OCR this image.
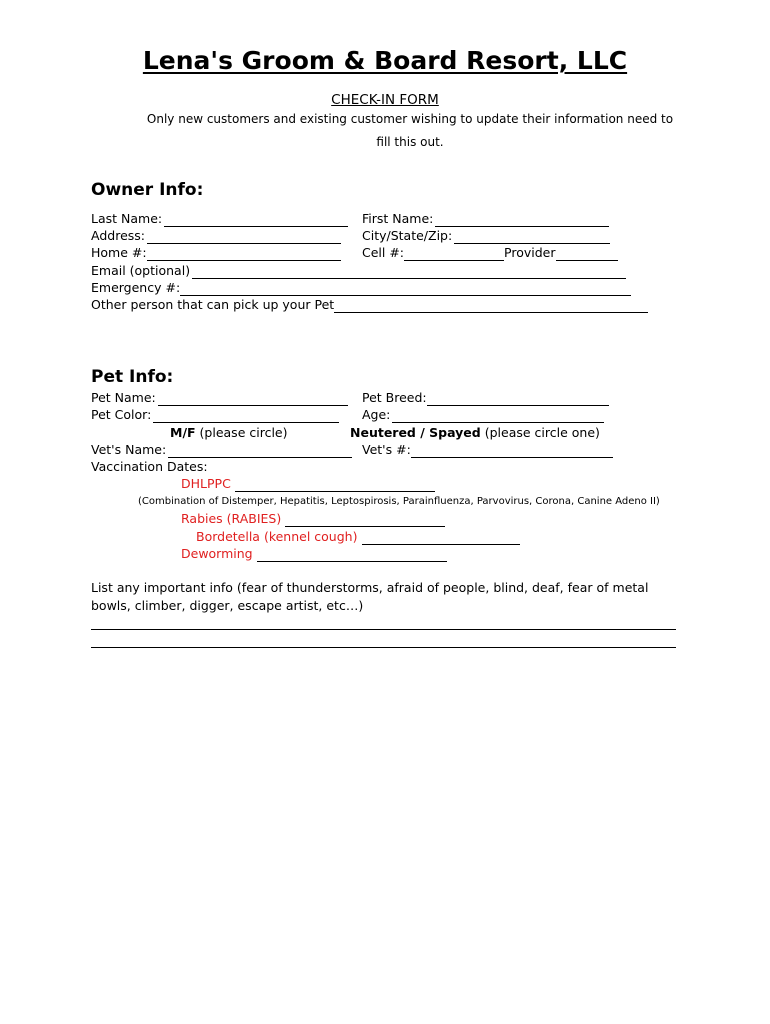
Lena's Groom & Board Resort, LLC
CHECK-IN FORM
Only new customers and existing customer wishing to update their information need to fill this out.
Owner Info:
Last Name:	First Name:
Address:	City/State/Zip:
Home #:	Cell #:	Provider
Email (optional)
Emergency #:
Other person that can pick up your Pet
Pet Info:
Pet Name:	Pet Breed:
Pet Color:	Age:
M/F (please circle)	Neutered / Spayed (please circle one)
Vet's Name:	Vet's #:
Vaccination Dates:
DHLPPC
(Combination of Distemper, Hepatitis, Leptospirosis, Parainfluenza, Parvovirus, Corona, Canine Adeno II)
Rabies (RABIES)
Bordetella (kennel cough)
Deworming
List any important info (fear of thunderstorms, afraid of people, blind, deaf, fear of metal bowls, climber, digger, escape artist, etc…)
